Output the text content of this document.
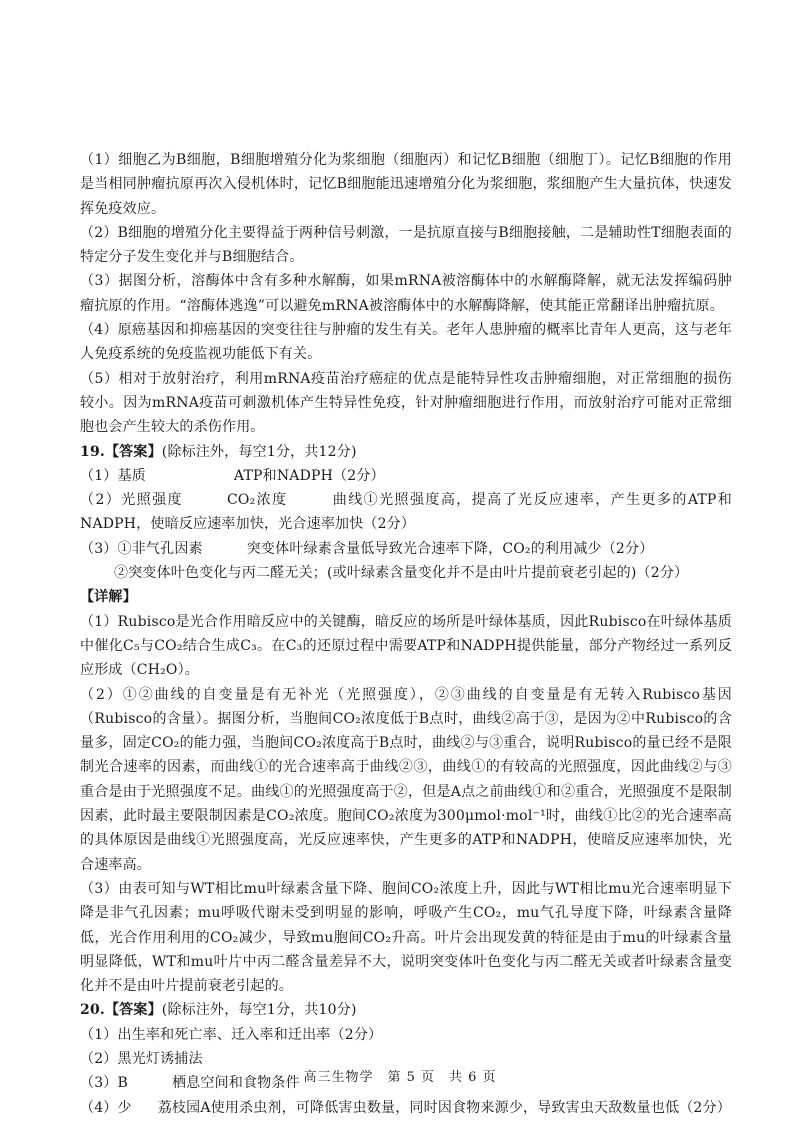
（1）细胞乙为B细胞，B细胞增殖分化为浆细胞（细胞丙）和记忆B细胞（细胞丁）。记忆B细胞的作用是当相同肿瘤抗原再次入侵机体时，记忆B细胞能迅速增殖分化为浆细胞，浆细胞产生大量抗体，快速发挥免疫效应。

（2）B细胞的增殖分化主要得益于两种信号刺激，一是抗原直接与B细胞接触，二是辅助性T细胞表面的特定分子发生变化并与B细胞结合。

（3）据图分析，溶酶体中含有多种水解酶，如果mRNA被溶酶体中的水解酶降解，就无法发挥编码肿瘤抗原的作用。“溶酶体逃逸”可以避免mRNA被溶酶体中的水解酶降解，使其能正常翻译出肿瘤抗原。

（4）原癌基因和抑癌基因的突变往往与肿瘤的发生有关。老年人患肿瘤的概率比青年人更高，这与老年人免疫系统的免疫监视功能低下有关。

（5）相对于放射治疗，利用mRNA疫苗治疗癌症的优点是能特异性攻击肿瘤细胞，对正常细胞的损伤较小。因为mRNA疫苗可刺激机体产生特异性免疫，针对肿瘤细胞进行作用，而放射治疗可能对正常细胞也会产生较大的杀伤作用。

19.【答案】(除标注外，每空1分，共12分)

（1）基质	ATP和NADPH（2分）

（2）光照强度	CO₂浓度	曲线①光照强度高，提高了光反应速率，产生更多的ATP和NADPH，使暗反应速率加快，光合速率加快（2分）

（3）①非气孔因素	突变体叶绿素含量低导致光合速率下降，CO₂的利用减少（2分）

②突变体叶色变化与丙二醛无关；(或叶绿素含量变化并不是由叶片提前衰老引起的)（2分）

【详解】

（1）Rubisco是光合作用暗反应中的关键酶，暗反应的场所是叶绿体基质，因此Rubisco在叶绿体基质中催化C₅与CO₂结合生成C₃。在C₃的还原过程中需要ATP和NADPH提供能量，部分产物经过一系列反应形成（CH₂O）。

（2）①②曲线的自变量是有无补光（光照强度），②③曲线的自变量是有无转入Rubisco基因（Rubisco的含量）。据图分析，当胞间CO₂浓度低于B点时，曲线②高于③，是因为②中Rubisco的含量多，固定CO₂的能力强，当胞间CO₂浓度高于B点时，曲线②与③重合，说明Rubisco的量已经不是限制光合速率的因素，而曲线①的光合速率高于曲线②③，曲线①的有较高的光照强度，因此曲线②与③重合是由于光照强度不足。曲线①的光照强度高于②，但是A点之前曲线①和②重合，光照强度不是限制因素，此时最主要限制因素是CO₂浓度。胞间CO₂浓度为300μmol·mol⁻¹时，曲线①比②的光合速率高的具体原因是曲线①光照强度高，光反应速率快，产生更多的ATP和NADPH，使暗反应速率加快，光合速率高。

（3）由表可知与WT相比mu叶绿素含量下降、胞间CO₂浓度上升，因此与WT相比mu光合速率明显下降是非气孔因素；mu呼吸代谢未受到明显的影响，呼吸产生CO₂，mu气孔导度下降，叶绿素含量降低，光合作用利用的CO₂减少，导致mu胞间CO₂升高。叶片会出现发黄的特征是由于mu的叶绿素含量明显降低，WT和mu叶片中丙二醛含量差异不大，说明突变体叶色变化与丙二醛无关或者叶绿素含量变化并不是由叶片提前衰老引起的。

20.【答案】(除标注外，每空1分，共10分)

（1）出生率和死亡率、迁入率和迁出率（2分）

（2）黑光灯诱捕法

（3）B	栖息空间和食物条件

（4）少 荔枝园A使用杀虫剂，可降低害虫数量，同时因食物来源少，导致害虫天敌数量也低（2分）

高三生物学　第 5 页　共 6 页
